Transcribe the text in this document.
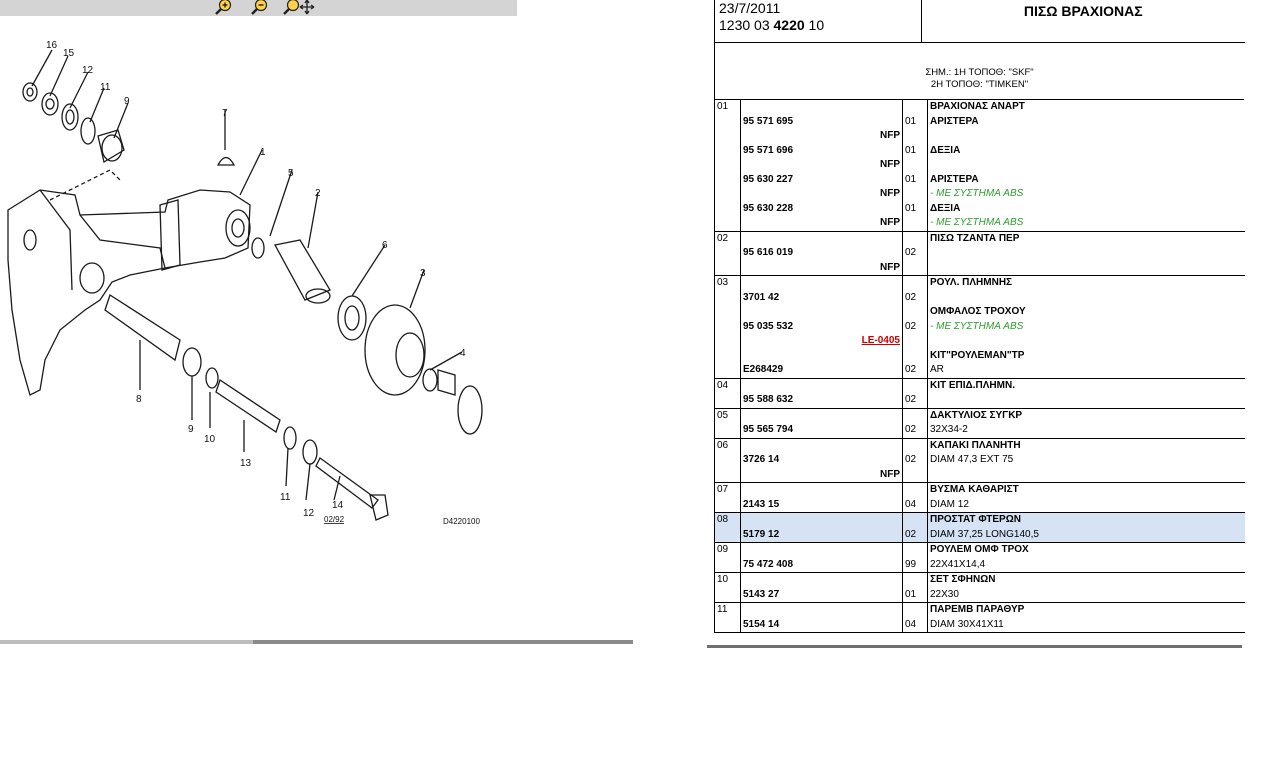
16
15
12
11
9
7
1
5
2
6
3
4
8
9
10
13
11
12
14
02/92	D4220100
23/7/2011
1230 03 4220 10

ΠΙΣΩ ΒΡΑΧΙΟΝΑΣ
ΣΗΜ.: 1Η ΤΟΠΟΘ: "SKF"
2Η ΤΟΠΟΘ: "TIMKEN"
01			ΒΡΑΧΙΟΝΑΣ ΑΝΑΡΤ

	95 571 695	01	ΑΡΙΣΤΕΡΑ

	NFP		
	95 571 696	01	ΔΕΞΙΑ

	NFP		
	95 630 227	01	ΑΡΙΣΤΕΡΑ

	NFP		- ΜΕ ΣΥΣΤΗΜΑ ABS

	95 630 228	01	ΔΕΞΙΑ

	NFP		- ΜΕ ΣΥΣΤΗΜΑ ABS

02			ΠΙΣΩ ΤΖΑΝΤΑ ΠΕΡ

	95 616 019	02	
	NFP		
03			ΡΟΥΛ. ΠΛΗΜΝΗΣ

	3701 42	02	

			ΟΜΦΑΛΟΣ ΤΡΟΧΟΥ

	95 035 532	02	- ΜΕ ΣΥΣΤΗΜΑ ABS

	LE-0405		

			ΚΙΤ"ΡΟΥΛΕΜΑΝ"ΤΡ

	E268429	02	AR

04			ΚΙΤ ΕΠΙΔ.ΠΛΗΜΝ.

	95 588 632	02	
05			ΔΑΚΤΥΛΙΟΣ ΣΥΓΚΡ

	95 565 794	02	32X34-2

06			ΚΑΠΑΚΙ ΠΛΑΝΗΤΗ

	3726 14	02	DIAM 47,3 EXT 75

	NFP		
07			ΒΥΣΜΑ ΚΑΘΑΡΙΣΤ

	2143 15	04	DIAM 12

08			ΠΡΟΣΤΑΤ ΦΤΕΡΩΝ

	5179 12	02	DIAM 37,25 LONG140,5

09			ΡΟΥΛΕΜ ΟΜΦ ΤΡΟΧ

	75 472 408	99	22X41X14,4

10			ΣΕΤ ΣΦΗΝΩΝ

	5143 27	01	22X30

11			ΠΑΡΕΜΒ ΠΑΡΑΘΥΡ

	5154 14	04	DIAM 30X41X11
